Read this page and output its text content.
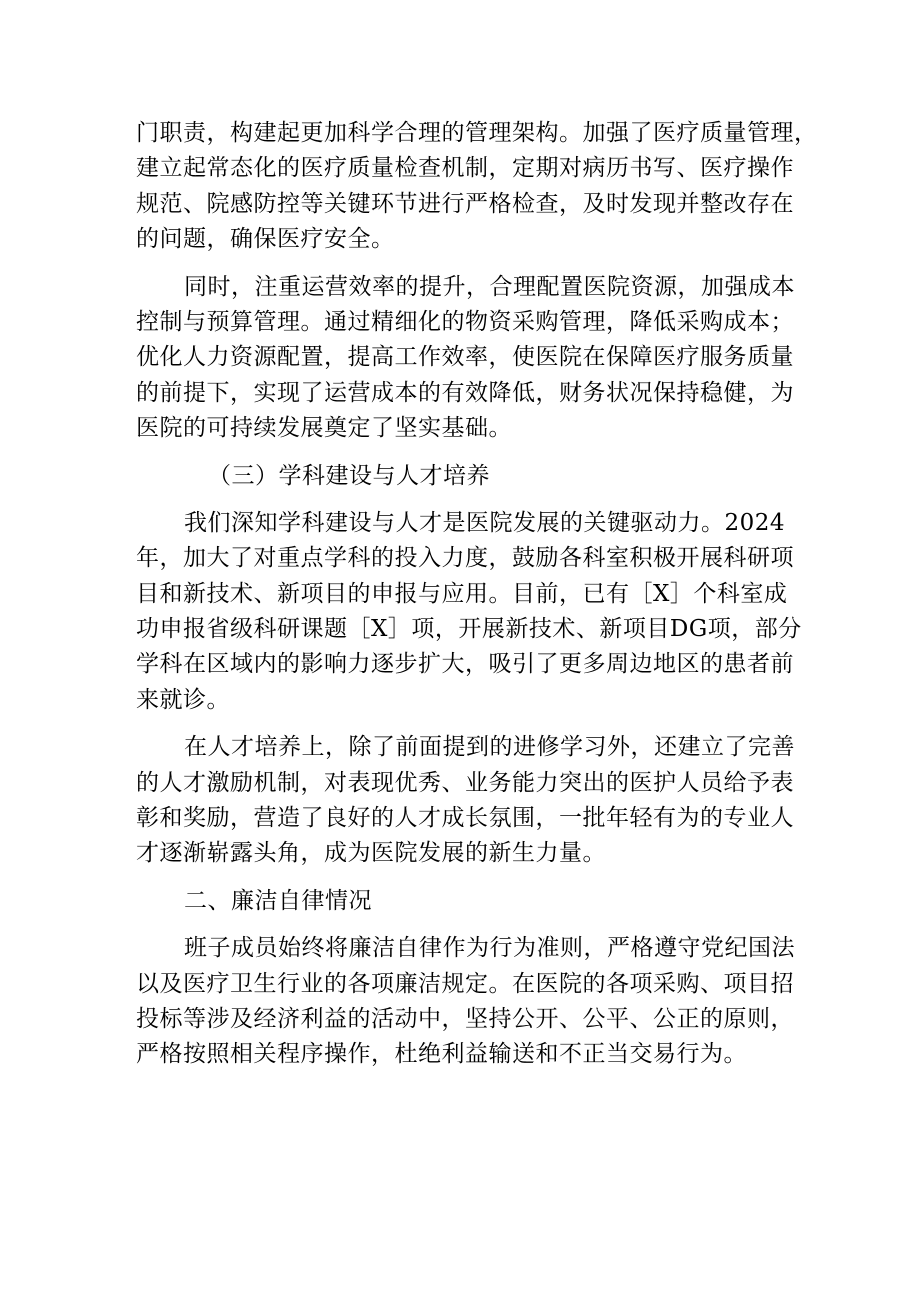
门职责，构建起更加科学合理的管理架构。加强了医疗质量管理，
建立起常态化的医疗质量检查机制，定期对病历书写、医疗操作
规范、院感防控等关键环节进行严格检查，及时发现并整改存在
的问题，确保医疗安全。
同时，注重运营效率的提升，合理配置医院资源，加强成本
控制与预算管理。通过精细化的物资采购管理，降低采购成本；
优化人力资源配置，提高工作效率，使医院在保障医疗服务质量
的前提下，实现了运营成本的有效降低，财务状况保持稳健，为
医院的可持续发展奠定了坚实基础。
（三）学科建设与人才培养
我们深知学科建设与人才是医院发展的关键驱动力。2024
年，加大了对重点学科的投入力度，鼓励各科室积极开展科研项
目和新技术、新项目的申报与应用。目前，已有［X］个科室成
功申报省级科研课题［X］项，开展新技术、新项目DG项，部分
学科在区域内的影响力逐步扩大，吸引了更多周边地区的患者前
来就诊。
在人才培养上，除了前面提到的进修学习外，还建立了完善
的人才激励机制，对表现优秀、业务能力突出的医护人员给予表
彰和奖励，营造了良好的人才成长氛围，一批年轻有为的专业人
才逐渐崭露头角，成为医院发展的新生力量。
二、廉洁自律情况
班子成员始终将廉洁自律作为行为准则，严格遵守党纪国法
以及医疗卫生行业的各项廉洁规定。在医院的各项采购、项目招
投标等涉及经济利益的活动中，坚持公开、公平、公正的原则，
严格按照相关程序操作，杜绝利益输送和不正当交易行为。
